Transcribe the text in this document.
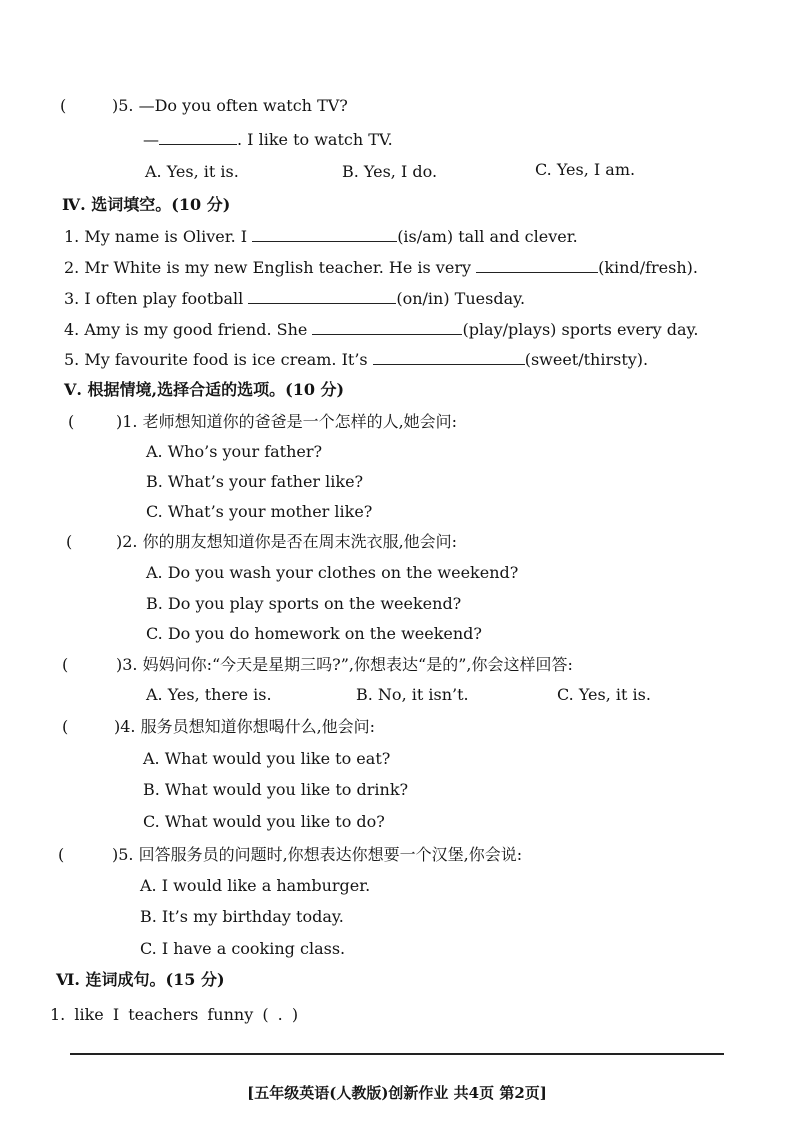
(	)5. —Do you often watch TV?
—	. I like to watch TV.
A. Yes, it is.	B. Yes, I do.	C. Yes, I am.
Ⅳ. 选词填空。(10 分)
1. My name is Oliver. I	(is/am) tall and clever.
2. Mr White is my new English teacher. He is very	(kind/fresh).
3. I often play football	(on/in) Tuesday.
4. Amy is my good friend. She	(play/plays) sports every day.
5. My favourite food is ice cream. It’s	(sweet/thirsty).
Ⅴ. 根据情境,选择合适的选项。(10 分)
(	)1. 老师想知道你的爸爸是一个怎样的人,她会问:
A. Who’s your father?
B. What’s your father like?
C. What’s your mother like?
(	)2. 你的朋友想知道你是否在周末洗衣服,他会问:
A. Do you wash your clothes on the weekend?
B. Do you play sports on the weekend?
C. Do you do homework on the weekend?
(	)3. 妈妈问你:“今天是星期三吗?”,你想表达“是的”,你会这样回答:
A. Yes, there is.	B. No, it isn’t.	C. Yes, it is.
(	)4. 服务员想知道你想喝什么,他会问:
A. What would you like to eat?
B. What would you like to drink?
C. What would you like to do?
(	)5. 回答服务员的问题时,你想表达你想要一个汉堡,你会说:
A. I would like a hamburger.
B. It’s my birthday today.
C. I have a cooking class.
Ⅵ. 连词成句。(15 分)
1. like I teachers funny ( . )
[五年级英语(人教版)创新作业 共4页 第2页]
